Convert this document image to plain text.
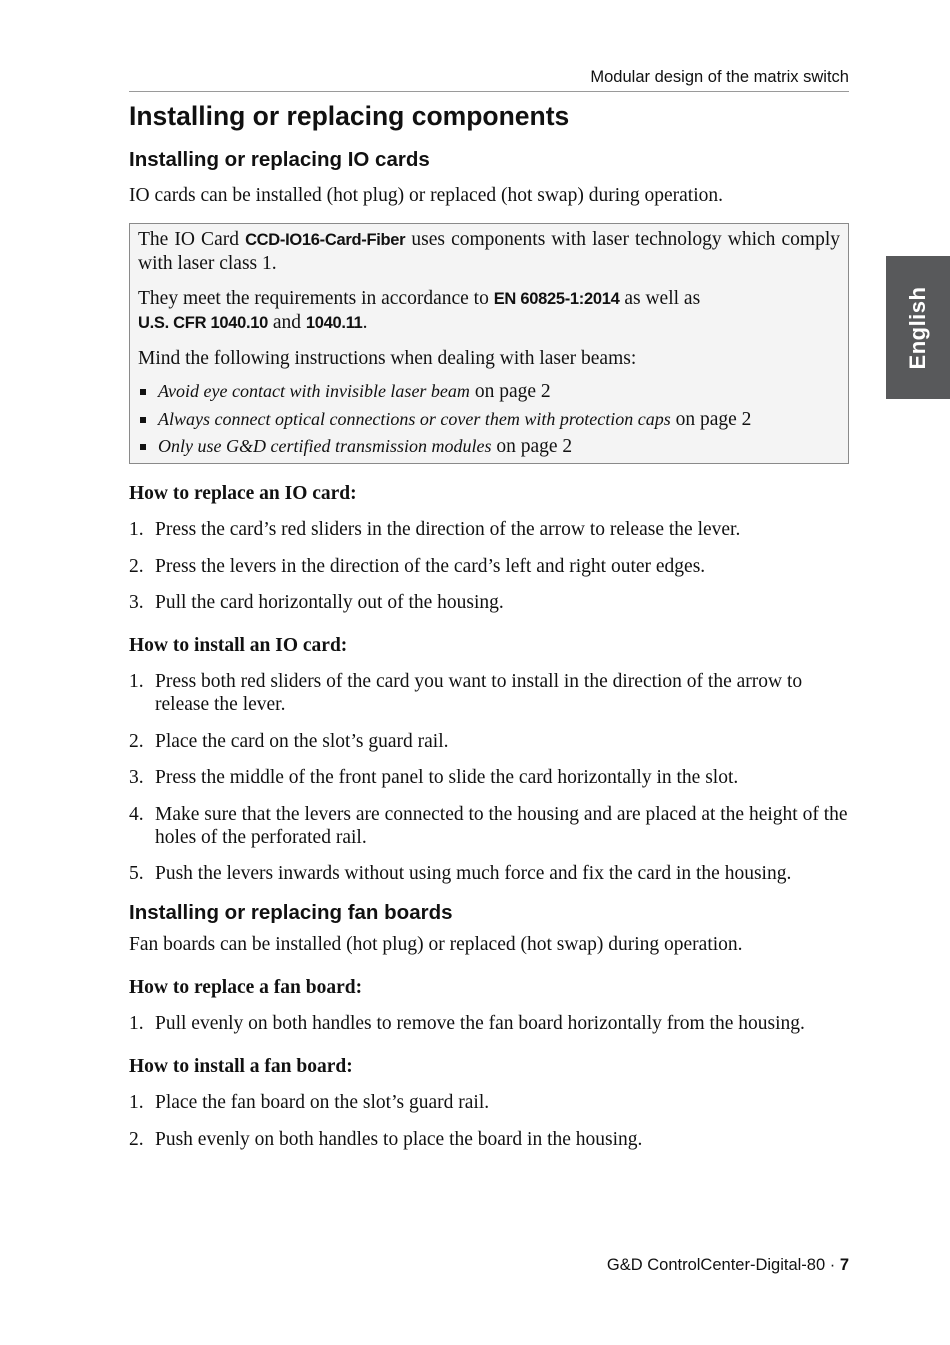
Modular design of the matrix switch
English
Installing or replacing components
Installing or replacing IO cards

IO cards can be installed (hot plug) or replaced (hot swap) during operation.

The IO Card CCD-IO16-Card-Fiber uses components with laser technology which comply with laser class 1.

They meet the requirements in accordance to EN 60825-1:2014 as well as
U.S. CFR 1040.10 and 1040.11.

Mind the following instructions when dealing with laser beams:

Avoid eye contact with invisible laser beam on page 2
Always connect optical connections or cover them with protection caps on page 2
Only use G&D certified transmission modules on page 2
How to replace an IO card:
1. Press the card’s red sliders in the direction of the arrow to release the lever.
2. Press the levers in the direction of the card’s left and right outer edges.
3. Pull the card horizontally out of the housing.
How to install an IO card:
1. Press both red sliders of the card you want to install in the direction of the arrow to release the lever.
2. Place the card on the slot’s guard rail.
3. Press the middle of the front panel to slide the card horizontally in the slot.
4. Make sure that the levers are connected to the housing and are placed at the height of the holes of the perforated rail.
5. Push the levers inwards without using much force and fix the card in the housing.
Installing or replacing fan boards

Fan boards can be installed (hot plug) or replaced (hot swap) during operation.

How to replace a fan board:
1. Pull evenly on both handles to remove the fan board horizontally from the housing.
How to install a fan board:
1. Place the fan board on the slot’s guard rail.
2. Push evenly on both handles to place the board in the housing.
G&D ControlCenter-Digital-80 · 7
